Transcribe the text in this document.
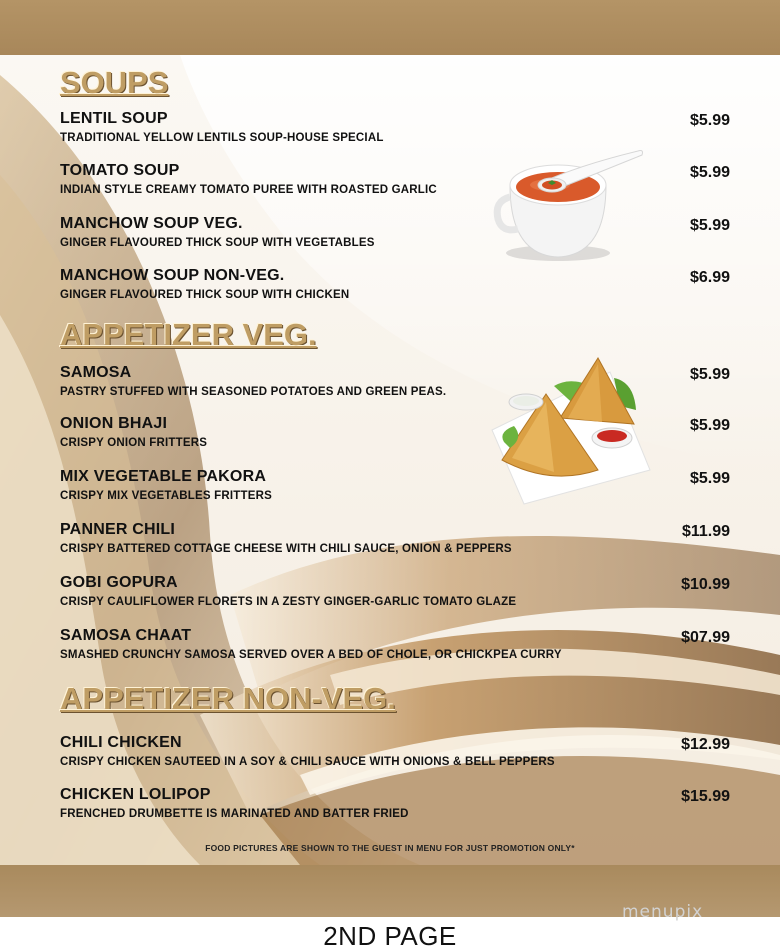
SOUPS
LENTIL SOUP
TRADITIONAL YELLOW LENTILS SOUP-HOUSE SPECIAL
$5.99
TOMATO SOUP
INDIAN STYLE CREAMY TOMATO PUREE WITH ROASTED GARLIC
$5.99
MANCHOW SOUP VEG.
GINGER FLAVOURED THICK SOUP WITH VEGETABLES
$5.99
MANCHOW SOUP NON-VEG.
GINGER FLAVOURED THICK SOUP WITH CHICKEN
$6.99
APPETIZER VEG.
SAMOSA
PASTRY STUFFED WITH SEASONED POTATOES AND GREEN PEAS.
$5.99
ONION BHAJI
CRISPY ONION FRITTERS
$5.99
MIX VEGETABLE PAKORA
CRISPY MIX VEGETABLES FRITTERS
$5.99
PANNER CHILI
CRISPY BATTERED COTTAGE CHEESE WITH CHILI SAUCE, ONION & PEPPERS
$11.99
GOBI GOPURA
CRISPY CAULIFLOWER FLORETS IN A ZESTY GINGER-GARLIC TOMATO GLAZE
$10.99
SAMOSA CHAAT
SMASHED CRUNCHY SAMOSA SERVED OVER A BED OF CHOLE, OR CHICKPEA CURRY
$07.99
APPETIZER NON-VEG.
CHILI CHICKEN
CRISPY CHICKEN SAUTEED IN A SOY & CHILI SAUCE WITH ONIONS & BELL PEPPERS
$12.99
CHICKEN LOLIPOP
FRENCHED DRUMBETTE IS MARINATED AND BATTER FRIED
$15.99
FOOD PICTURES ARE SHOWN TO THE GUEST IN MENU FOR JUST PROMOTION ONLY*
2ND PAGE
menupix
